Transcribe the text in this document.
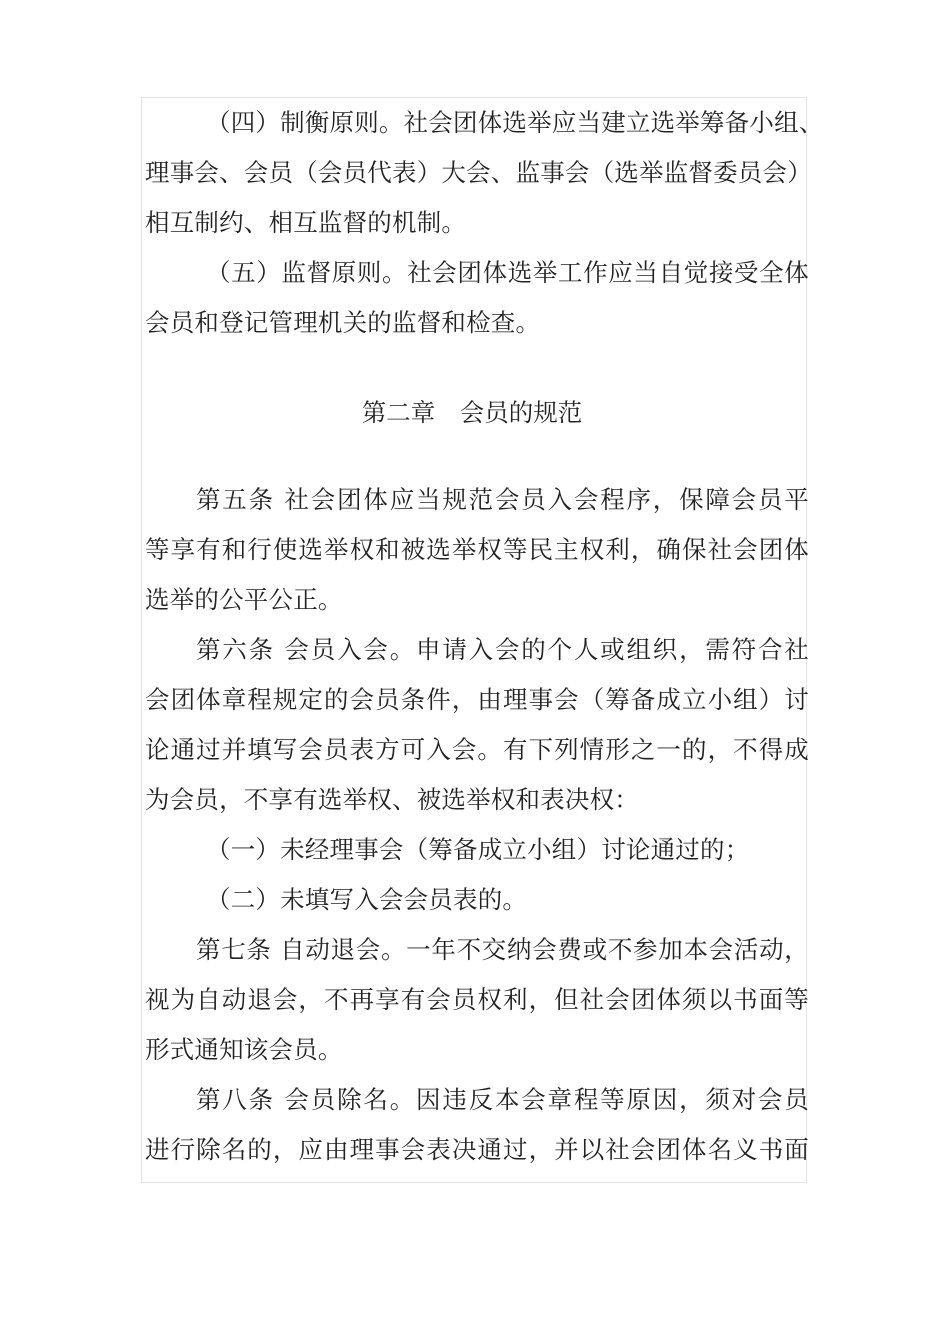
（四）制衡原则。社会团体选举应当建立选举筹备小组、
理事会、会员（会员代表）大会、监事会（选举监督委员会）
相互制约、相互监督的机制。
（五）监督原则。社会团体选举工作应当自觉接受全体
会员和登记管理机关的监督和检查。
第二章　会员的规范
第五条 社会团体应当规范会员入会程序，保障会员平
等享有和行使选举权和被选举权等民主权利，确保社会团体
选举的公平公正。
第六条 会员入会。申请入会的个人或组织，需符合社
会团体章程规定的会员条件，由理事会（筹备成立小组）讨
论通过并填写会员表方可入会。有下列情形之一的，不得成
为会员，不享有选举权、被选举权和表决权：
（一）未经理事会（筹备成立小组）讨论通过的；
（二）未填写入会会员表的。
第七条 自动退会。一年不交纳会费或不参加本会活动，
视为自动退会，不再享有会员权利，但社会团体须以书面等
形式通知该会员。
第八条 会员除名。因违反本会章程等原因，须对会员
进行除名的，应由理事会表决通过，并以社会团体名义书面
